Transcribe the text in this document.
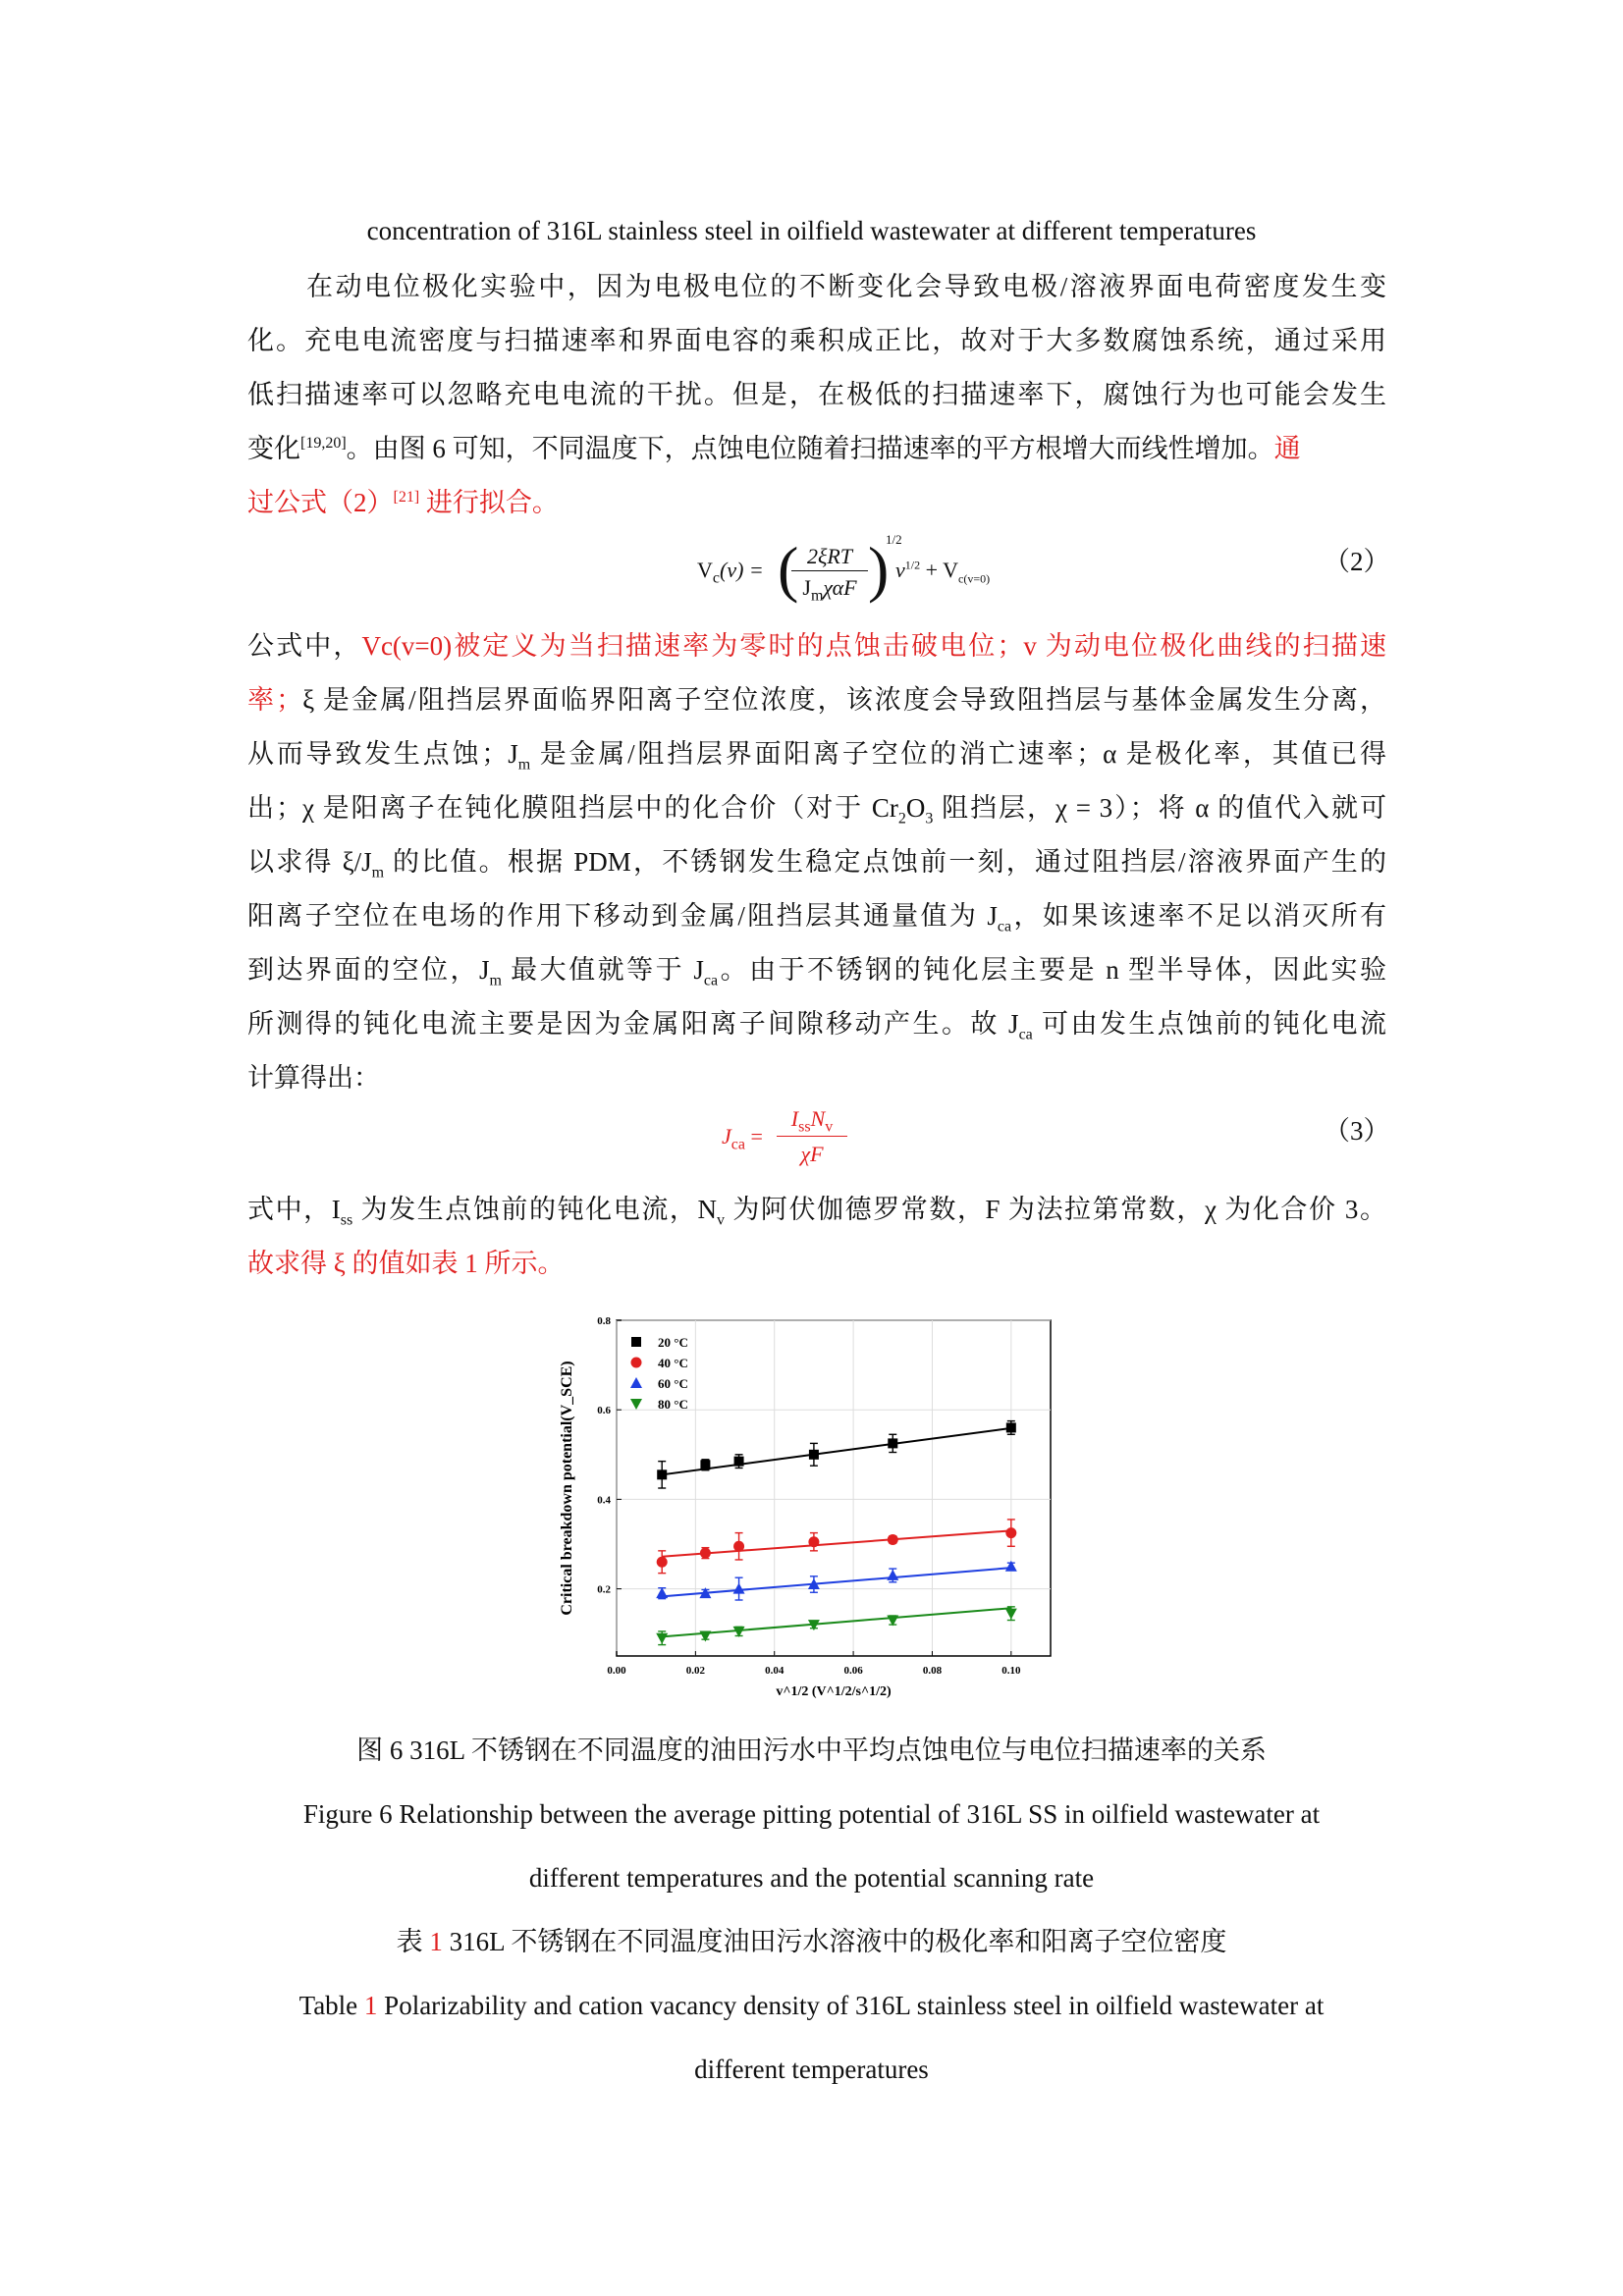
concentration of 316L stainless steel in oilfield wastewater at different temperatures
在动电位极化实验中，因为电极电位的不断变化会导致电极/溶液界面电荷密度发生变
化。充电电流密度与扫描速率和界面电容的乘积成正比，故对于大多数腐蚀系统，通过采用
低扫描速率可以忽略充电电流的干扰。但是，在极低的扫描速率下，腐蚀行为也可能会发生
变化[19,20]。由图 6 可知，不同温度下，点蚀电位随着扫描速率的平方根增大而线性增加。通
过公式（2）[21] 进行拟合。
$V_c(v)$ = ( 2ξRT
$J_m\chi\alpha F$ )
1/2
$v^{1/2} + V_{c(v=0)}$
（2）
公式中，Vc(v=0)被定义为当扫描速率为零时的点蚀击破电位；v 为动电位极化曲线的扫描速
率；ξ 是金属/阻挡层界面临界阳离子空位浓度，该浓度会导致阻挡层与基体金属发生分离，
从而导致发生点蚀；$J_m$ 是金属/阻挡层界面阳离子空位的消亡速率；α 是极化率，其值已得
出；χ 是阳离子在钝化膜阻挡层中的化合价（对于 $Cr_2O_3$ 阻挡层，χ = 3）；将 α 的值代入就可
以求得 $\xi/J_m$ 的比值。根据 PDM，不锈钢发生稳定点蚀前一刻，通过阻挡层/溶液界面产生的
阳离子空位在电场的作用下移动到金属/阻挡层其通量值为 $J_{ca}$，如果该速率不足以消灭所有
到达界面的空位，$J_m$ 最大值就等于 $J_{ca}$。由于不锈钢的钝化层主要是 n 型半导体，因此实验
所测得的钝化电流主要是因为金属阳离子间隙移动产生。故 $J_{ca}$ 可由发生点蚀前的钝化电流
计算得出：
$J_{ca}$ =
$I_{ss}N_v$
χF
（3）
式中，$I_{ss}$ 为发生点蚀前的钝化电流，$N_v$ 为阿伏伽德罗常数，F 为法拉第常数，χ 为化合价 3。
故求得 ξ 的值如表 1 所示。
0.00	0.02	0.04	0.06	0.08	0.10
0.2
0.4
0.6
0.8
v^1/2 (V^1/2/s^1/2)
Critical breakdown potential(V_SCE)
20 °C
40 °C
60 °C
80 °C
图 6 316L 不锈钢在不同温度的油田污水中平均点蚀电位与电位扫描速率的关系
Figure 6 Relationship between the average pitting potential of 316L SS in oilfield wastewater at
different temperatures and the potential scanning rate
表 1 316L 不锈钢在不同温度油田污水溶液中的极化率和阳离子空位密度
Table 1 Polarizability and cation vacancy density of 316L stainless steel in oilfield wastewater at
different temperatures
